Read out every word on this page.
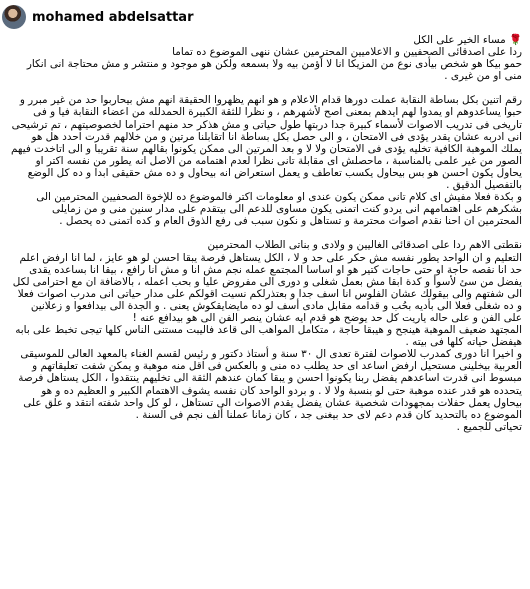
mohamed abdelsattar

🌹 مساء الخير على الكل

ردا على اصدقائى الصحفيين و الاعلاميين المحترمين عشان ننهى الموضوع ده تماما

حمو بيكا هو شخص بيأدى نوع من المزيكا انا لا أؤمن بيه ولا بسمعه ولكن هو موجود و منتشر و مش محتاجة انى انكار منى او من غيرى .

رقم اتنين بكل بساطة النقابة عملت دورها قدام الاعلام و هو انهم يظهروا الحقيقة انهم مش بيحاربوا حد من غير مبرر و حبوا يساعدوهم او يمدوا لهم ايدهم بمعنى اصح لأشهرهم ، و نظرا للثقة الكبيرة الحمدلله من اعضاء النقابة فيا و فى تاريخى فى تدريب الاصوات لأسماء كبيرة جدا دربتها طول حياتى و مش هذكر حد منهم احتراما لخصوصيتهم ، تم ترشيحى انى ادربه عشان يقدر يؤدى فى الامتحان ، و الى حصل بكل بساطة انا اتقابلنا مرتين و من خلالهم قدرت احدد هل هو يملك الموهبة الكافية تخليه يؤدى فى الامتحان ولا لا و بعد المرتين الى ممكن يكونوا بقالهم سنة تقريبا و الى اتاخدت فيهم الصور من غير علمى بالمناسبة ، ماحصلش اى مقابلة تانى نظرا لعدم اهتمامه من الاصل انه يطور من نفسه اكتر او يحاول يكون احسن هو بس بيحاول يكسب تعاطف و يعمل استعراض انه بيحاول و ده مش حقيقى ابدا و ده كل الوضع بالتفصيل الدقيق .

و بكدة فعلا مفيش اى كلام تانى ممكن يكون عندى او معلومات اكتر فالموضوع ده للإخوة الصحفيين المحترمين الى بشكرهم على اهتمامهم انى يردو كنت اتمنى يكون مساوى للدعم الى بيتقدم على مدار سنين منى و من زمايلى المحترمين ان احنا نقدم اصوات محترمة و تستاهل و نكون سبب فى رفع الذوق العام و كده اتمنى ده يحصل .

نقطتى الاهم ردا على اصدقائى الغاليين و ولادى و بناتى الطلاب المحترمين

التعليم و ان الواحد يطور نفسه مش حكر على حد و لا ، الكل يستاهل فرصة يبقا احسن لو هو عايز ، لما انا ارفض اعلم حد انا نقصه حاجة او حتى حاجات كتير هو او اساسا المجتمع عمله نجم مش انا و مش انا رافع ، بيقا انا بساعده يقدى يفضل من سئ لأسوأ و كدة ابقا مش بعمل شغلى و دورى الى مفروض عليا و بحب اعمله ، بالاضافة ان مع احترامى لكل الى شفتهم والى بيقولك عشان الفلوس انا اسف جدا و بعتذرلكم نسيت اقولكم على مدار حياتى انى مدرب اصوات فعلا و ده شغلى فعلا الى بأديه بحُب و قدامه مقابل مادى أسف لو ده مايضايقكوش يعنى . و الجدة الى بيدافعوا و زعلانين على الفن و على حاله ياريت كل حد يوضح هو قدم ايه عشان ينصر الفن الى هو بيدافع عنه !

المجتهد ضعيف الموهبة هينجح و هيبقا حاجة ، متكامل المواهب الى قاعد فاليبت مستنى الناس كلها تيجى تخبط على بابه هيفضل حياته كلها فى بيته .

و اخيرا انا دورى كمدرب للاصوات لفترة تعدى ال ٣٠ سنة و أستاذ دكتور و رئيس لقسم الغناء بالمعهد العالى للموسيقى العربية بيخلينى مستحيل ارفض اساعد اى حد يطلب ده منى و بالعكس فى اقل منه موهبة و يمكن شفت تعليقاتهم و مبسوط انى قدرت اساعدهم يفضل ربنا يكونوا احسن و يبقا كمان عندهم الثقة الى تخليهم ينتقدوا ، الكل يستاهل فرصة يتحدده هو قدر عنده موهبة حتى لو بنسبة ولا لا . و بردو الواحد كان نفسه يشوف الاهتمام الكبير و العظيم ده و هو بيحاول يعمل حفلات بمجهودات شخصية عشان يفضل يقدم الاصوات الى تستاهل ، لو كل واحد شفته انتقد و علق على الموضوع ده بالتحديد كان قدم دعم لاى حد بيغنى جد ، كان زمانا عملنا ألف نجم فى السنة .

تحياتى للجميع .
